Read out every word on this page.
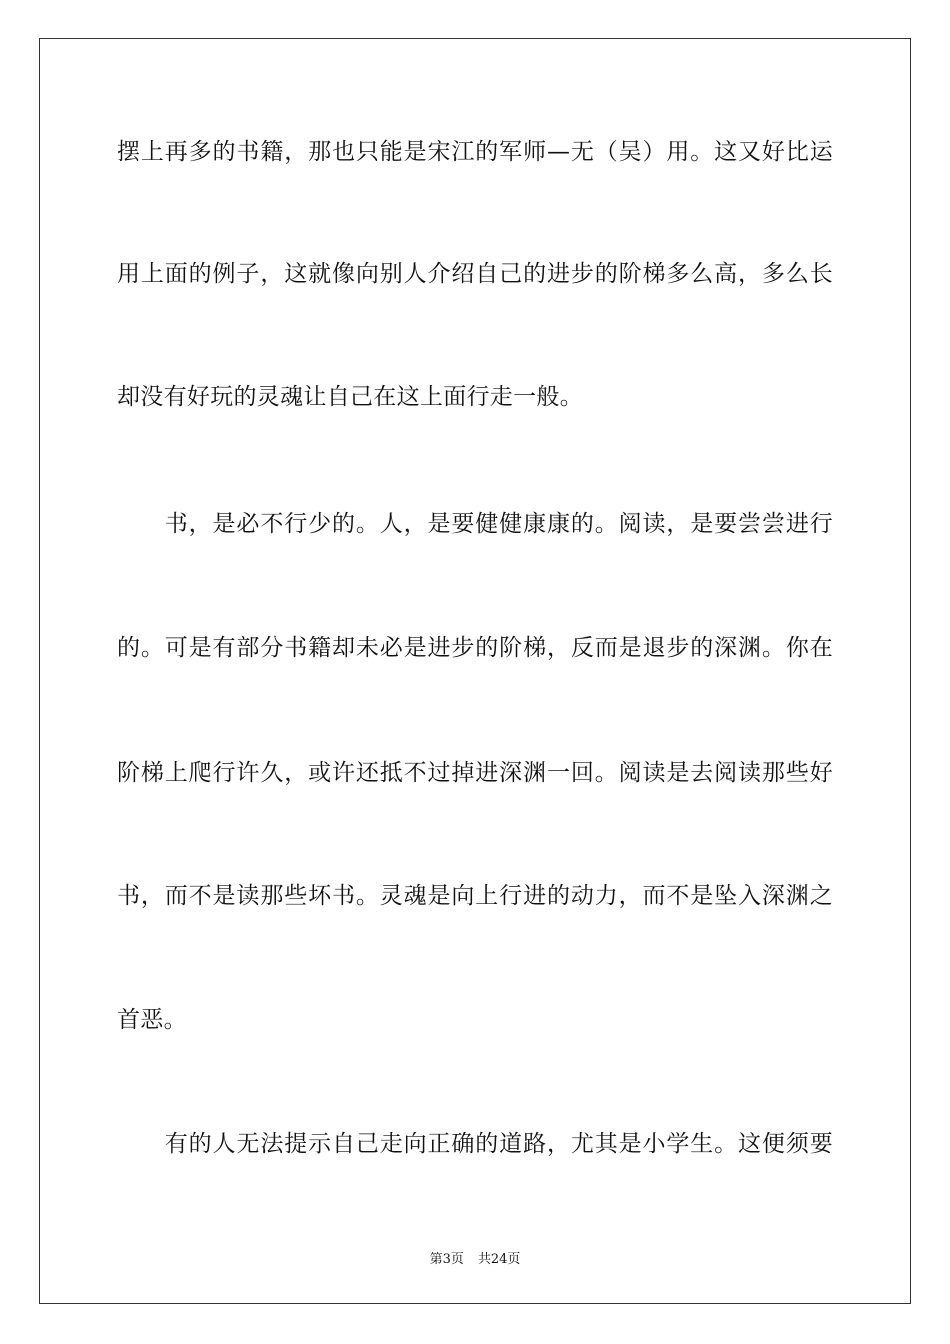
摆上再多的书籍，那也只能是宋江的军师—无（吴）用。这又好比运
用上面的例子，这就像向别人介绍自己的进步的阶梯多么高，多么长
却没有好玩的灵魂让自己在这上面行走一般。
　　书，是必不行少的。人，是要健健康康的。阅读，是要尝尝进行
的。可是有部分书籍却未必是进步的阶梯，反而是退步的深渊。你在
阶梯上爬行许久，或许还抵不过掉进深渊一回。阅读是去阅读那些好
书，而不是读那些坏书。灵魂是向上行进的动力，而不是坠入深渊之
首恶。
　　有的人无法提示自己走向正确的道路，尤其是小学生。这便须要
第3页 共24页
